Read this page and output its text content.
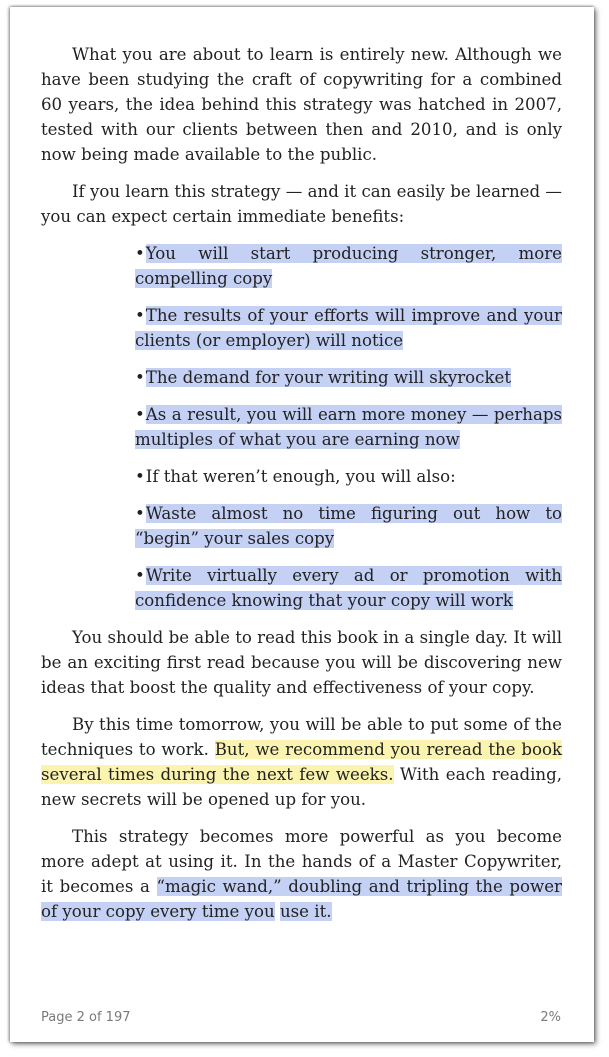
What you are about to learn is entirely new. Although we have been studying the craft of copywriting for a combined 60 years, the idea behind this strategy was hatched in 2007, tested with our clients between then and 2010, and is only now being made available to the public.

If you learn this strategy — and it can easily be learned — you can expect certain immediate benefits:

•You will start producing stronger, more compelling copy
•The results of your efforts will improve and your clients (or employer) will notice
•The demand for your writing will skyrocket
•As a result, you will earn more money — perhaps multiples of what you are earning now
•If that weren’t enough, you will also:
•Waste almost no time figuring out how to “begin” your sales copy
•Write virtually every ad or promotion with confidence knowing that your copy will work

You should be able to read this book in a single day. It will be an exciting first read because you will be discovering new ideas that boost the quality and effectiveness of your copy.

By this time tomorrow, you will be able to put some of the techniques to work. But, we recommend you reread the book several times during the next few weeks. With each reading, new secrets will be opened up for you.

This strategy becomes more powerful as you become more adept at using it. In the hands of a Master Copywriter, it becomes a “magic wand,” doubling and tripling the power of your copy every time you use it.

Page 2 of 197	2%
